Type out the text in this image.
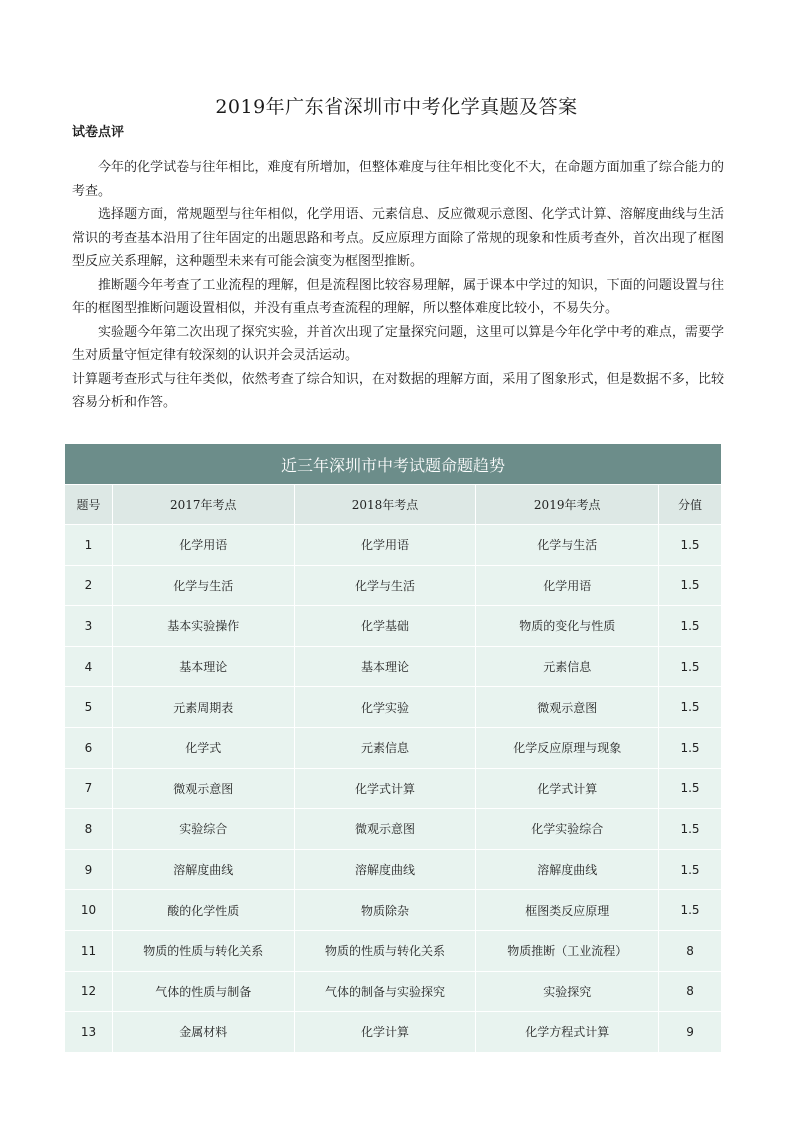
2019年广东省深圳市中考化学真题及答案
试卷点评

今年的化学试卷与往年相比，难度有所增加，但整体难度与往年相比变化不大，在命题方面加重了综合能力的考查。

选择题方面，常规题型与往年相似，化学用语、元素信息、反应微观示意图、化学式计算、溶解度曲线与生活常识的考查基本沿用了往年固定的出题思路和考点。反应原理方面除了常规的现象和性质考查外，首次出现了框图型反应关系理解，这种题型未来有可能会演变为框图型推断。

推断题今年考查了工业流程的理解，但是流程图比较容易理解，属于课本中学过的知识，下面的问题设置与往年的框图型推断问题设置相似，并没有重点考查流程的理解，所以整体难度比较小，不易失分。

实验题今年第二次出现了探究实验，并首次出现了定量探究问题，这里可以算是今年化学中考的难点，需要学生对质量守恒定律有较深刻的认识并会灵活运动。

计算题考查形式与往年类似，依然考查了综合知识，在对数据的理解方面，采用了图象形式，但是数据不多，比较容易分析和作答。

近三年深圳市中考试题命题趋势				
题号	2017年考点	2018年考点	2019年考点	分值
1	化学用语	化学用语	化学与生活	1.5
2	化学与生活	化学与生活	化学用语	1.5
3	基本实验操作	化学基础	物质的变化与性质	1.5
4	基本理论	基本理论	元素信息	1.5
5	元素周期表	化学实验	微观示意图	1.5
6	化学式	元素信息	化学反应原理与现象	1.5
7	微观示意图	化学式计算	化学式计算	1.5
8	实验综合	微观示意图	化学实验综合	1.5
9	溶解度曲线	溶解度曲线	溶解度曲线	1.5
10	酸的化学性质	物质除杂	框图类反应原理	1.5
11	物质的性质与转化关系	物质的性质与转化关系	物质推断（工业流程）	8
12	气体的性质与制备	气体的制备与实验探究	实验探究	8
13	金属材料	化学计算	化学方程式计算	9
